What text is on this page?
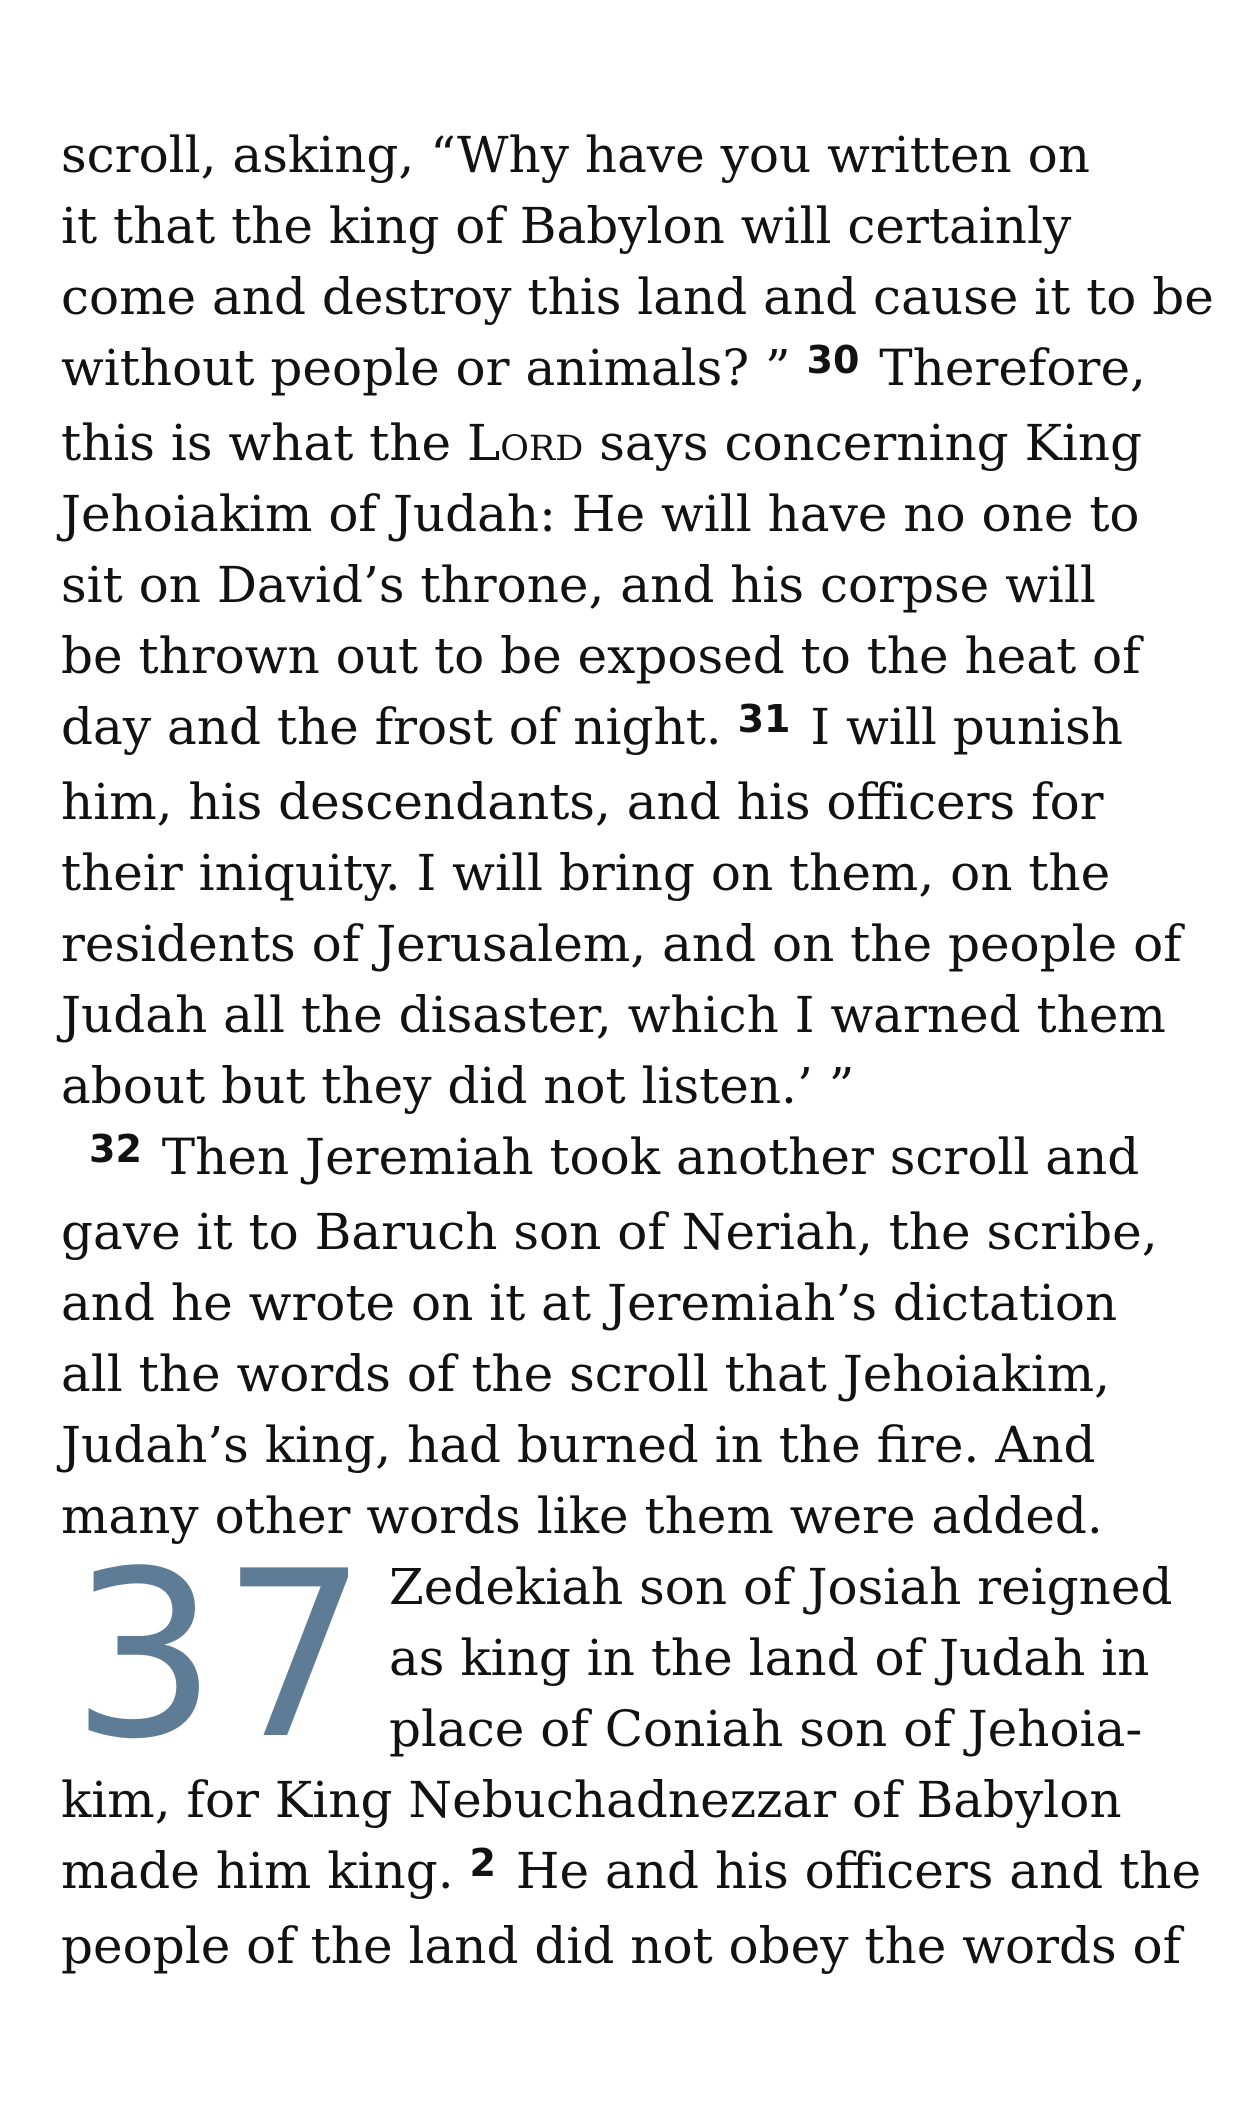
scroll, asking, “Why have you written on
it that the king of Babylon will certainly
come and destroy this land and cause it to be
without people or animals? ” $^{30}$ Therefore,
this is what the Lord says concerning King
Jehoiakim of Judah: He will have no one to
sit on David’s throne, and his corpse will
be thrown out to be exposed to the heat of
day and the frost of night. $^{31}$ I will punish
him, his descendants, and his officers for
their iniquity. I will bring on them, on the
residents of Jerusalem, and on the people of
Judah all the disaster, which I warned them
about but they did not listen.’ ”
$^{32}$ Then Jeremiah took another scroll and
gave it to Baruch son of Neriah, the scribe,
and he wrote on it at Jeremiah’s dictation
all the words of the scroll that Jehoiakim,
Judah’s king, had burned in the fire. And
many other words like them were added.
37 Zedekiah son of Josiah reigned
as king in the land of Judah in
place of Coniah son of Jehoia-
kim, for King Nebuchadnezzar of Babylon
made him king. $^2$ He and his officers and the
people of the land did not obey the words of
